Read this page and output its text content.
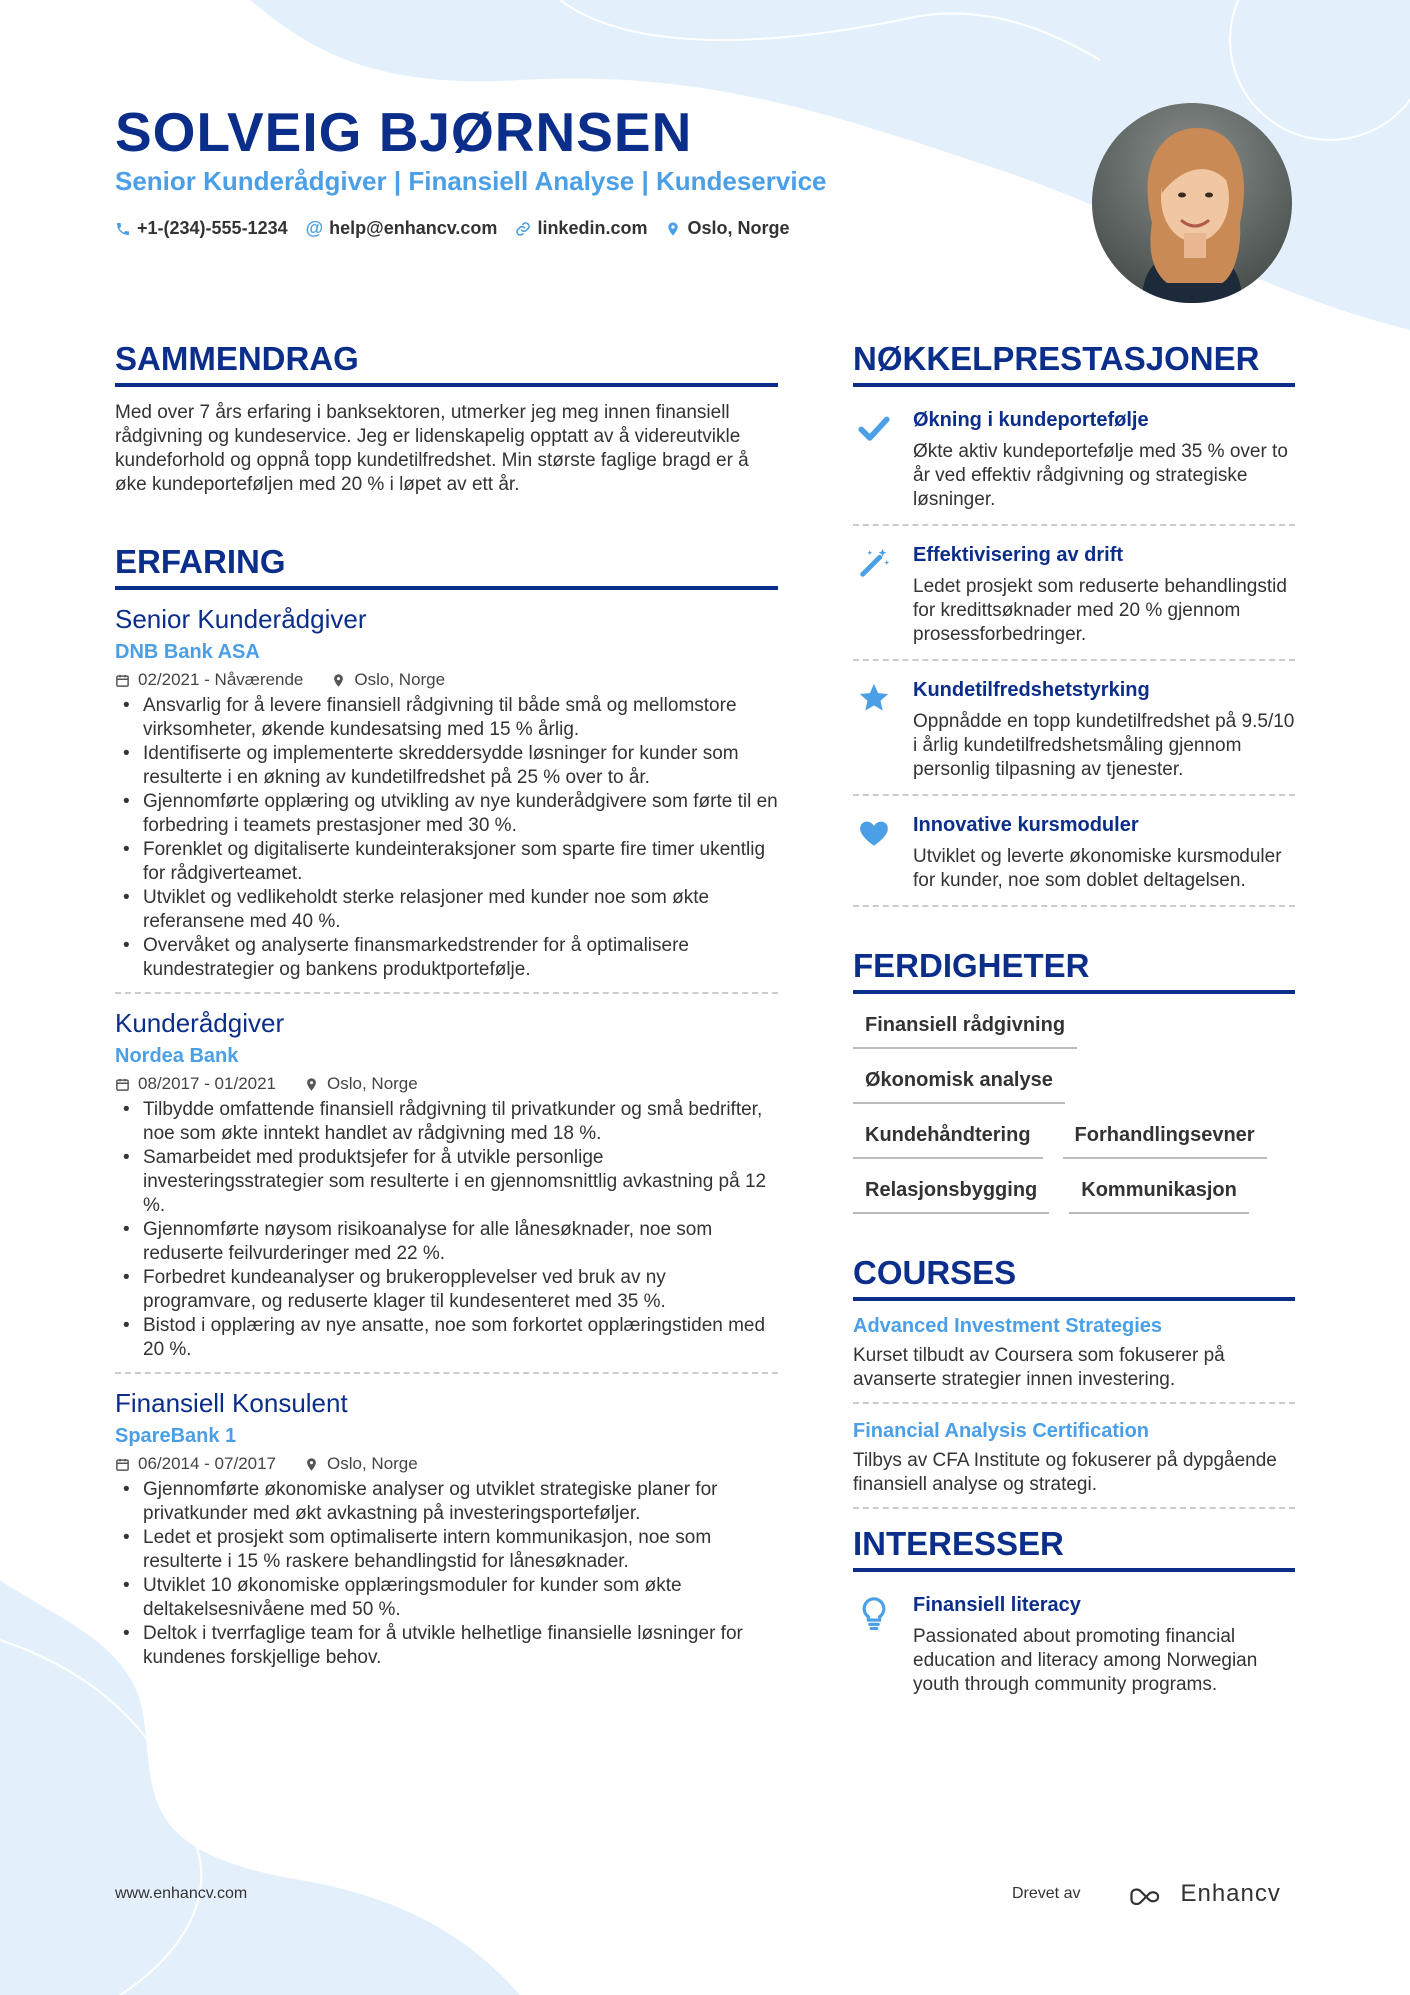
SOLVEIG BJØRNSEN
Senior Kunderådgiver | Finansiell Analyse | Kundeservice
+1-(234)-555-1234 @ help@enhancv.com linkedin.com Oslo, Norge
SAMMENDRAG
Med over 7 års erfaring i banksektoren, utmerker jeg meg innen finansiell rådgivning og kundeservice. Jeg er lidenskapelig opptatt av å videreutvikle kundeforhold og oppnå topp kundetilfredshet. Min største faglige bragd er å øke kundeporteføljen med 20 % i løpet av ett år.
ERFARING
Senior Kunderådgiver
DNB Bank ASA
02/2021 - Nåværende	Oslo, Norge
• Ansvarlig for å levere finansiell rådgivning til både små og mellomstore virksomheter, økende kundesatsing med 15 % årlig.
• Identifiserte og implementerte skreddersydde løsninger for kunder som resulterte i en økning av kundetilfredshet på 25 % over to år.
• Gjennomførte opplæring og utvikling av nye kunderådgivere som førte til en forbedring i teamets prestasjoner med 30 %.
• Forenklet og digitaliserte kundeinteraksjoner som sparte fire timer ukentlig for rådgiverteamet.
• Utviklet og vedlikeholdt sterke relasjoner med kunder noe som økte referansene med 40 %.
• Overvåket og analyserte finansmarkedstrender for å optimalisere kundestrategier og bankens produktportefølje.
Kunderådgiver
Nordea Bank
08/2017 - 01/2021	Oslo, Norge
• Tilbydde omfattende finansiell rådgivning til privatkunder og små bedrifter, noe som økte inntekt handlet av rådgivning med 18 %.
• Samarbeidet med produktsjefer for å utvikle personlige investeringsstrategier som resulterte i en gjennomsnittlig avkastning på 12 %.
• Gjennomførte nøysom risikoanalyse for alle lånesøknader, noe som reduserte feilvurderinger med 22 %.
• Forbedret kundeanalyser og brukeropplevelser ved bruk av ny programvare, og reduserte klager til kundesenteret med 35 %.
• Bistod i opplæring av nye ansatte, noe som forkortet opplæringstiden med 20 %.
Finansiell Konsulent
SpareBank 1
06/2014 - 07/2017	Oslo, Norge
• Gjennomførte økonomiske analyser og utviklet strategiske planer for privatkunder med økt avkastning på investeringsporteføljer.
• Ledet et prosjekt som optimaliserte intern kommunikasjon, noe som resulterte i 15 % raskere behandlingstid for lånesøknader.
• Utviklet 10 økonomiske opplæringsmoduler for kunder som økte deltakelsesnivåene med 50 %.
• Deltok i tverrfaglige team for å utvikle helhetlige finansielle løsninger for kundenes forskjellige behov.
NØKKELPRESTASJONER
Økning i kundeportefølje
Økte aktiv kundeportefølje med 35 % over to år ved effektiv rådgivning og strategiske løsninger.
Effektivisering av drift
Ledet prosjekt som reduserte behandlingstid for kredittsøknader med 20 % gjennom prosessforbedringer.
Kundetilfredshetstyrking
Oppnådde en topp kundetilfredshet på 9.5/10 i årlig kundetilfredshetsmåling gjennom personlig tilpasning av tjenester.
Innovative kursmoduler
Utviklet og leverte økonomiske kursmoduler for kunder, noe som doblet deltagelsen.
FERDIGHETER
Finansiell rådgivning
Økonomisk analyse
Kundehåndtering	Forhandlingsevner
Relasjonsbygging	Kommunikasjon
COURSES
Advanced Investment Strategies
Kurset tilbudt av Coursera som fokuserer på avanserte strategier innen investering.
Financial Analysis Certification
Tilbys av CFA Institute og fokuserer på dypgående finansiell analyse og strategi.
INTERESSER
Finansiell literacy
Passionated about promoting financial education and literacy among Norwegian youth through community programs.
www.enhancv.com	Drevet av	Enhancv
